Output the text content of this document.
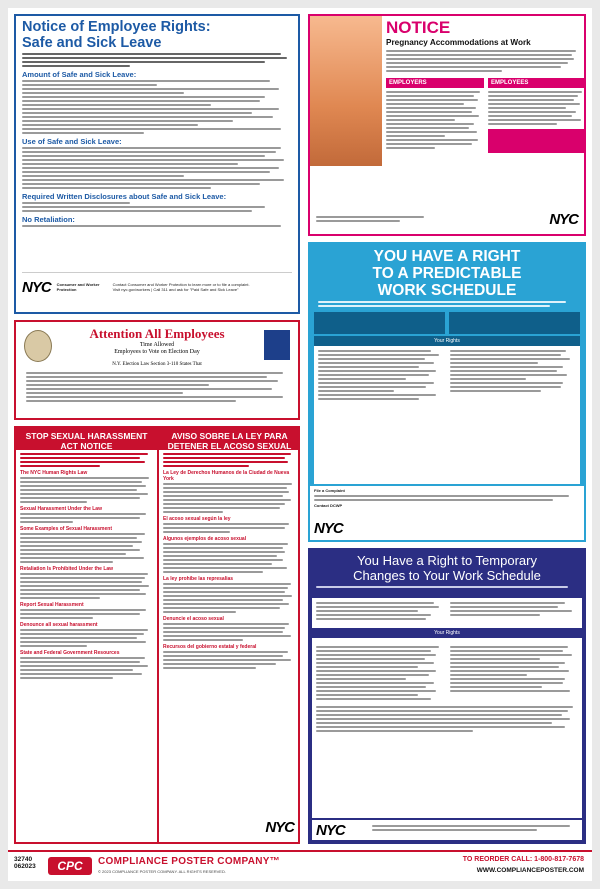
Notice of Employee Rights:
Safe and Sick Leave
Amount of Safe and Sick Leave:
Use of Safe and Sick Leave:
Required Written Disclosures about Safe and Sick Leave:
No Retaliation:
NYC Consumer and Worker Protection
Contact Consumer and Worker Protection to learn more or to file a complaint.
Visit nyc.gov/workers | Call 311 and ask for "Paid Safe and Sick Leave"
Attention All Employees
Time Allowed
Employees to Vote on Election Day
N.Y. Election Law Section 3-110 States That
STOP SEXUAL HARASSMENT ACT NOTICE
The NYC Human Rights Law
Sexual Harassment Under the Law
Some Examples of Sexual Harassment
Retaliation Is Prohibited Under the Law
Report Sexual Harassment
Denounce all sexual harassment
State and Federal Government Resources
AVISO SOBRE LA LEY PARA DETENER EL ACOSO SEXUAL
La Ley de Derechos Humanos de la Ciudad de Nueva York
El acoso sexual según la ley
Algunos ejemplos de acoso sexual
La ley prohíbe las represalias
Denuncie el acoso sexual
Recursos del gobierno estatal y federal
NYC
NOTICE
Pregnancy Accommodations at Work
EMPLOYERS	EMPLOYEES
NYC
YOU HAVE A RIGHT
TO A PREDICTABLE
WORK SCHEDULE
Your Rights
File a Complaint
Contact DCWP
NYC
You Have a Right to Temporary
Changes to Your Work Schedule
Your Rights
NYC
32740
062023	CPC	COMPLIANCE POSTER COMPANY™
© 2023 COMPLIANCE POSTER COMPANY. ALL RIGHTS RESERVED.
TO REORDER CALL: 1-800-817-7678
WWW.COMPLIANCEPOSTER.COM
